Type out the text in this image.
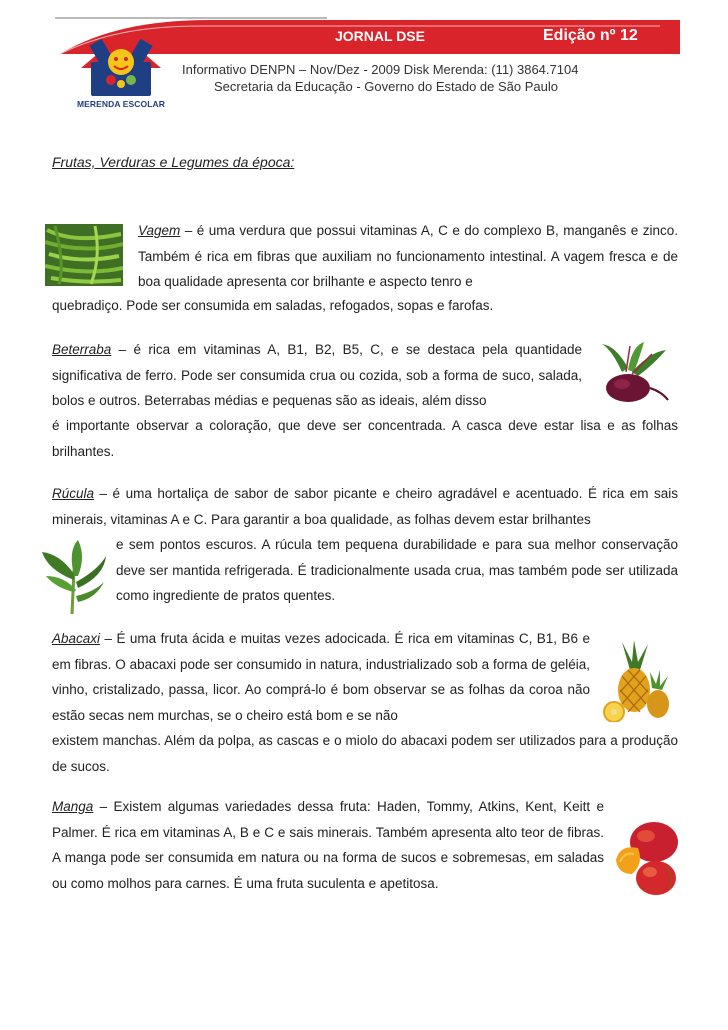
JORNAL DSE	Edição nº 12
Informativo DENPN – Nov/Dez - 2009 Disk Merenda: (11) 3864.7104
Secretaria da Educação - Governo do Estado de São Paulo
MERENDA ESCOLAR
Frutas, Verduras e Legumes da época:
Vagem – é uma verdura que possui vitaminas A, C e do complexo B, manganês e zinco. Também é rica em fibras que auxiliam no funcionamento intestinal. A vagem fresca e de boa qualidade apresenta cor brilhante e aspecto tenro e
quebradiço. Pode ser consumida em saladas, refogados, sopas e farofas.
Beterraba – é rica em vitaminas A, B1, B2, B5, C, e se destaca pela quantidade significativa de ferro. Pode ser consumida crua ou cozida, sob a forma de suco, salada, bolos e outros. Beterrabas médias e pequenas são as ideais, além disso
é importante observar a coloração, que deve ser concentrada. A casca deve estar lisa e as folhas brilhantes.
Rúcula – é uma hortaliça de sabor de sabor picante e cheiro agradável e acentuado. É rica em sais minerais, vitaminas A e C. Para garantir a boa qualidade, as folhas devem estar brilhantes
e sem pontos escuros. A rúcula tem pequena durabilidade e para sua melhor conservação deve ser mantida refrigerada. É tradicionalmente usada crua, mas também pode ser utilizada como ingrediente de pratos quentes.
Abacaxi – É uma fruta ácida e muitas vezes adocicada. É rica em vitaminas C, B1, B6 e em fibras. O abacaxi pode ser consumido in natura, industrializado sob a forma de geléia, vinho, cristalizado, passa, licor. Ao comprá-lo é bom observar se as folhas da coroa não estão secas nem murchas, se o cheiro está bom e se não
existem manchas. Além da polpa, as cascas e o miolo do abacaxi podem ser utilizados para a produção de sucos.
Manga – Existem algumas variedades dessa fruta: Haden, Tommy, Atkins, Kent, Keitt e Palmer. É rica em vitaminas A, B e C e sais minerais. Também apresenta alto teor de fibras. A manga pode ser consumida em natura ou na forma de sucos e sobremesas, em saladas ou como molhos para carnes. É uma fruta suculenta e apetitosa.
